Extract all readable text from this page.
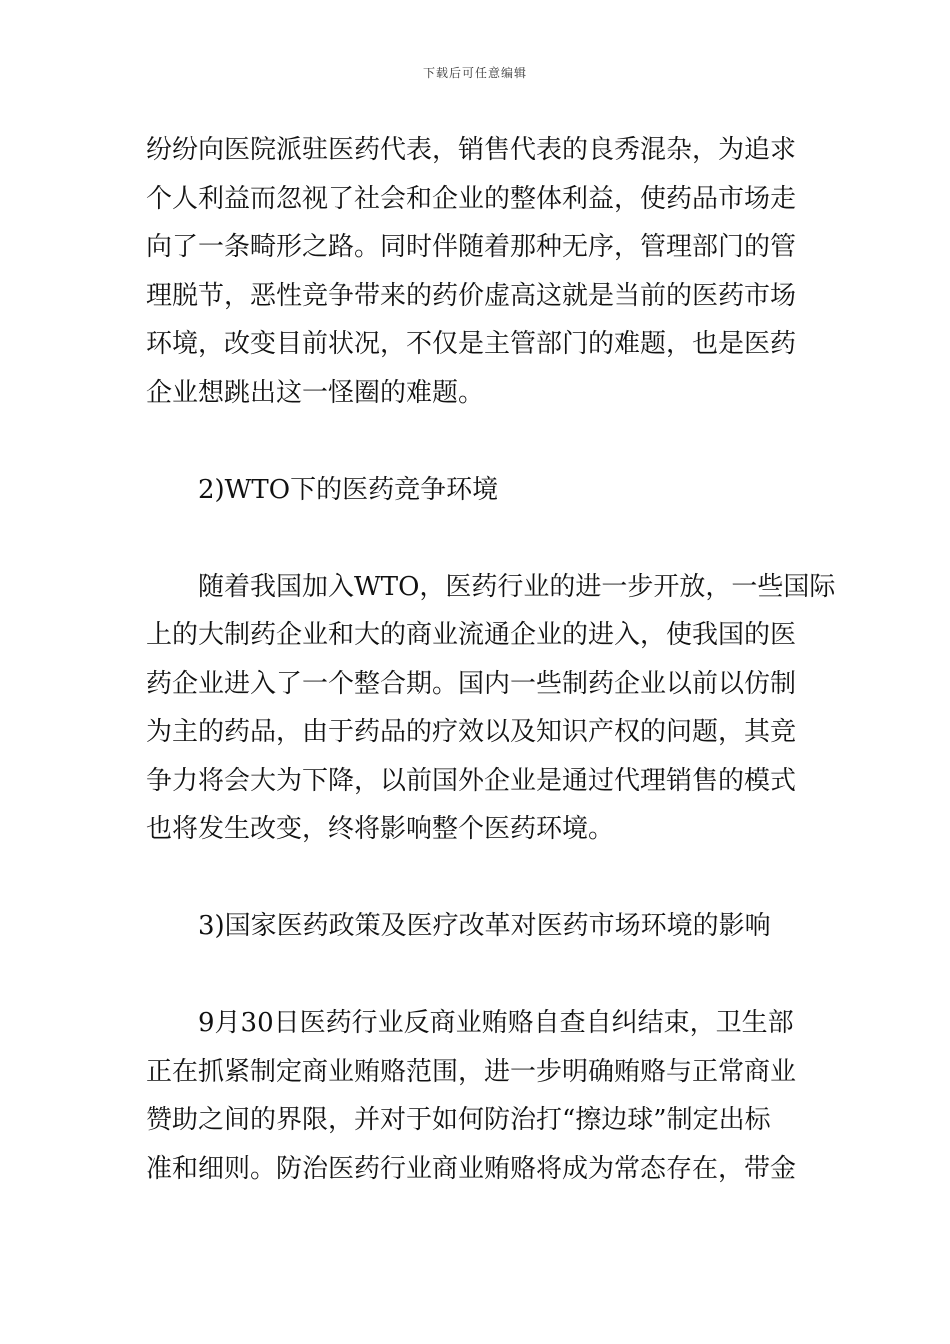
下载后可任意编辑
纷纷向医院派驻医药代表，销售代表的良秀混杂，为追求
个人利益而忽视了社会和企业的整体利益，使药品市场走
向了一条畸形之路。同时伴随着那种无序，管理部门的管
理脱节，恶性竞争带来的药价虚高这就是当前的医药市场
环境，改变目前状况，不仅是主管部门的难题，也是医药
企业想跳出这一怪圈的难题。
2)WTO下的医药竞争环境
随着我国加入WTO，医药行业的进一步开放，一些国际
上的大制药企业和大的商业流通企业的进入，使我国的医
药企业进入了一个整合期。国内一些制药企业以前以仿制
为主的药品，由于药品的疗效以及知识产权的问题，其竞
争力将会大为下降，以前国外企业是通过代理销售的模式
也将发生改变，终将影响整个医药环境。
3)国家医药政策及医疗改革对医药市场环境的影响
9月30日医药行业反商业贿赂自查自纠结束，卫生部
正在抓紧制定商业贿赂范围，进一步明确贿赂与正常商业
赞助之间的界限，并对于如何防治打“擦边球”制定出标
准和细则。防治医药行业商业贿赂将成为常态存在，带金
